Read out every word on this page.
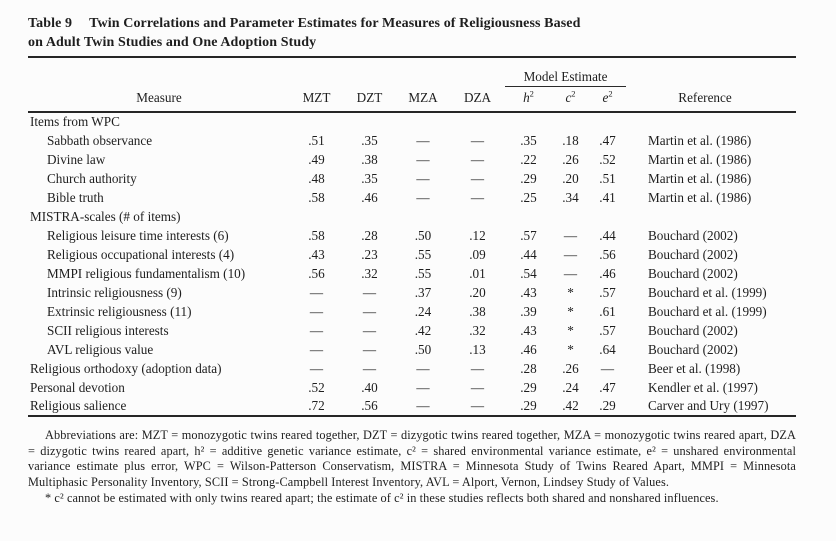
Table 9 Twin Correlations and Parameter Estimates for Measures of Religiousness Based
on Adult Twin Studies and One Adoption Study
					Model Estimate			
Measure	MZT	DZT	MZA	DZA	$h^2$	$c^2$	$e^2$	Reference
Items from WPC								
Sabbath observance	.51	.35	—	—	.35	.18	.47	Martin et al. (1986)
Divine law	.49	.38	—	—	.22	.26	.52	Martin et al. (1986)
Church authority	.48	.35	—	—	.29	.20	.51	Martin et al. (1986)
Bible truth	.58	.46	—	—	.25	.34	.41	Martin et al. (1986)
MISTRA-scales (# of items)								
Religious leisure time interests (6)	.58	.28	.50	.12	.57	—	.44	Bouchard (2002)
Religious occupational interests (4)	.43	.23	.55	.09	.44	—	.56	Bouchard (2002)
MMPI religious fundamentalism (10)	.56	.32	.55	.01	.54	—	.46	Bouchard (2002)
Intrinsic religiousness (9)	—	—	.37	.20	.43	*	.57	Bouchard et al. (1999)
Extrinsic religiousness (11)	—	—	.24	.38	.39	*	.61	Bouchard et al. (1999)
SCII religious interests	—	—	.42	.32	.43	*	.57	Bouchard (2002)
AVL religious value	—	—	.50	.13	.46	*	.64	Bouchard (2002)
Religious orthodoxy (adoption data)	—	—	—	—	.28	.26	—	Beer et al. (1998)
Personal devotion	.52	.40	—	—	.29	.24	.47	Kendler et al. (1997)
Religious salience	.72	.56	—	—	.29	.42	.29	Carver and Ury (1997)

Abbreviations are: MZT = monozygotic twins reared together, DZT = dizygotic twins reared together, MZA = monozygotic twins reared apart, DZA = dizygotic twins reared apart, h² = additive genetic variance estimate, c² = shared environmental variance estimate, e² = unshared environmental variance estimate plus error, WPC = Wilson-Patterson Conservatism, MISTRA = Minnesota Study of Twins Reared Apart, MMPI = Minnesota Multiphasic Personality Inventory, SCII = Strong-Campbell Interest Inventory, AVL = Alport, Vernon, Lindsey Study of Values.

* c² cannot be estimated with only twins reared apart; the estimate of c² in these studies reflects both shared and nonshared influences.
